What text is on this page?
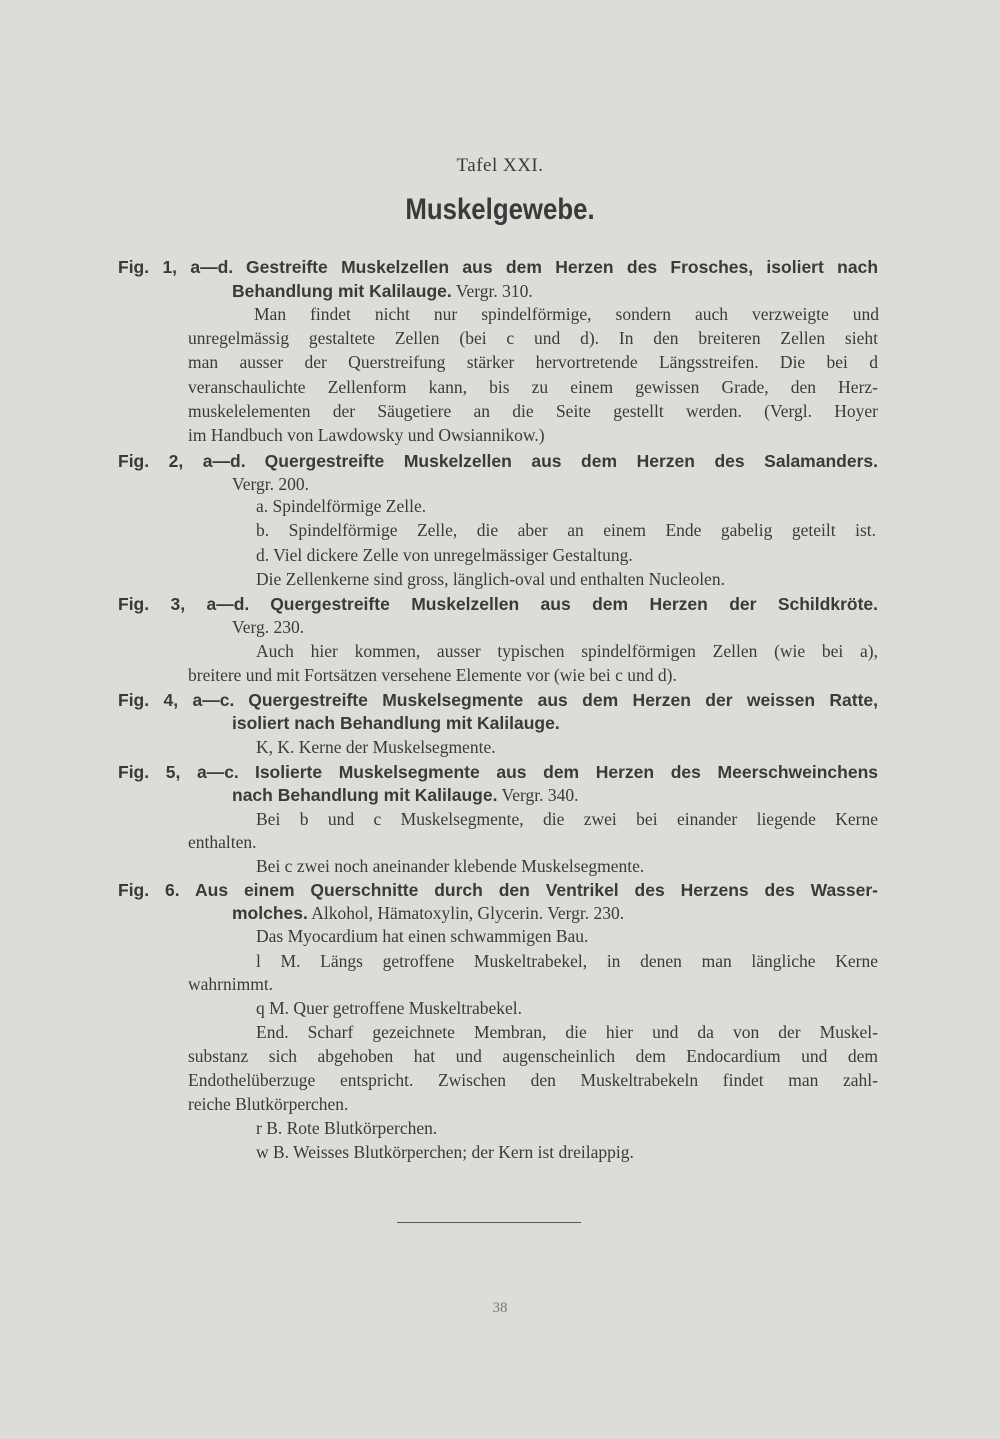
Tafel XXI.
Muskelgewebe.
Fig. 1, a—d. Gestreifte Muskelzellen aus dem Herzen des Frosches, isoliert nach
Behandlung mit Kalilauge. Vergr. 310.
Man findet nicht nur spindelförmige, sondern auch verzweigte und
unregelmässig gestaltete Zellen (bei c und d). In den breiteren Zellen sieht
man ausser der Querstreifung stärker hervortretende Längsstreifen. Die bei d
veranschaulichte Zellenform kann, bis zu einem gewissen Grade, den Herz-
muskelelementen der Säugetiere an die Seite gestellt werden. (Vergl. Hoyer
im Handbuch von Lawdowsky und Owsiannikow.)
Fig. 2, a—d. Quergestreifte Muskelzellen aus dem Herzen des Salamanders.
Vergr. 200.
a. Spindelförmige Zelle.
b. Spindelförmige Zelle, die aber an einem Ende gabelig geteilt ist.
d. Viel dickere Zelle von unregelmässiger Gestaltung.
Die Zellenkerne sind gross, länglich-oval und enthalten Nucleolen.
Fig. 3, a—d. Quergestreifte Muskelzellen aus dem Herzen der Schildkröte.
Verg. 230.
Auch hier kommen, ausser typischen spindelförmigen Zellen (wie bei a),
breitere und mit Fortsätzen versehene Elemente vor (wie bei c und d).
Fig. 4, a—c. Quergestreifte Muskelsegmente aus dem Herzen der weissen Ratte,
isoliert nach Behandlung mit Kalilauge.
K, K. Kerne der Muskelsegmente.
Fig. 5, a—c. Isolierte Muskelsegmente aus dem Herzen des Meerschweinchens
nach Behandlung mit Kalilauge. Vergr. 340.
Bei b und c Muskelsegmente, die zwei bei einander liegende Kerne
enthalten.
Bei c zwei noch aneinander klebende Muskelsegmente.
Fig. 6. Aus einem Querschnitte durch den Ventrikel des Herzens des Wasser-
molches. Alkohol, Hämatoxylin, Glycerin. Vergr. 230.
Das Myocardium hat einen schwammigen Bau.
l M. Längs getroffene Muskeltrabekel, in denen man längliche Kerne
wahrnimmt.
q M. Quer getroffene Muskeltrabekel.
End. Scharf gezeichnete Membran, die hier und da von der Muskel-
substanz sich abgehoben hat und augenscheinlich dem Endocardium und dem
Endothelüberzuge entspricht. Zwischen den Muskeltrabekeln findet man zahl-
reiche Blutkörperchen.
r B. Rote Blutkörperchen.
w B. Weisses Blutkörperchen; der Kern ist dreilappig.
38
